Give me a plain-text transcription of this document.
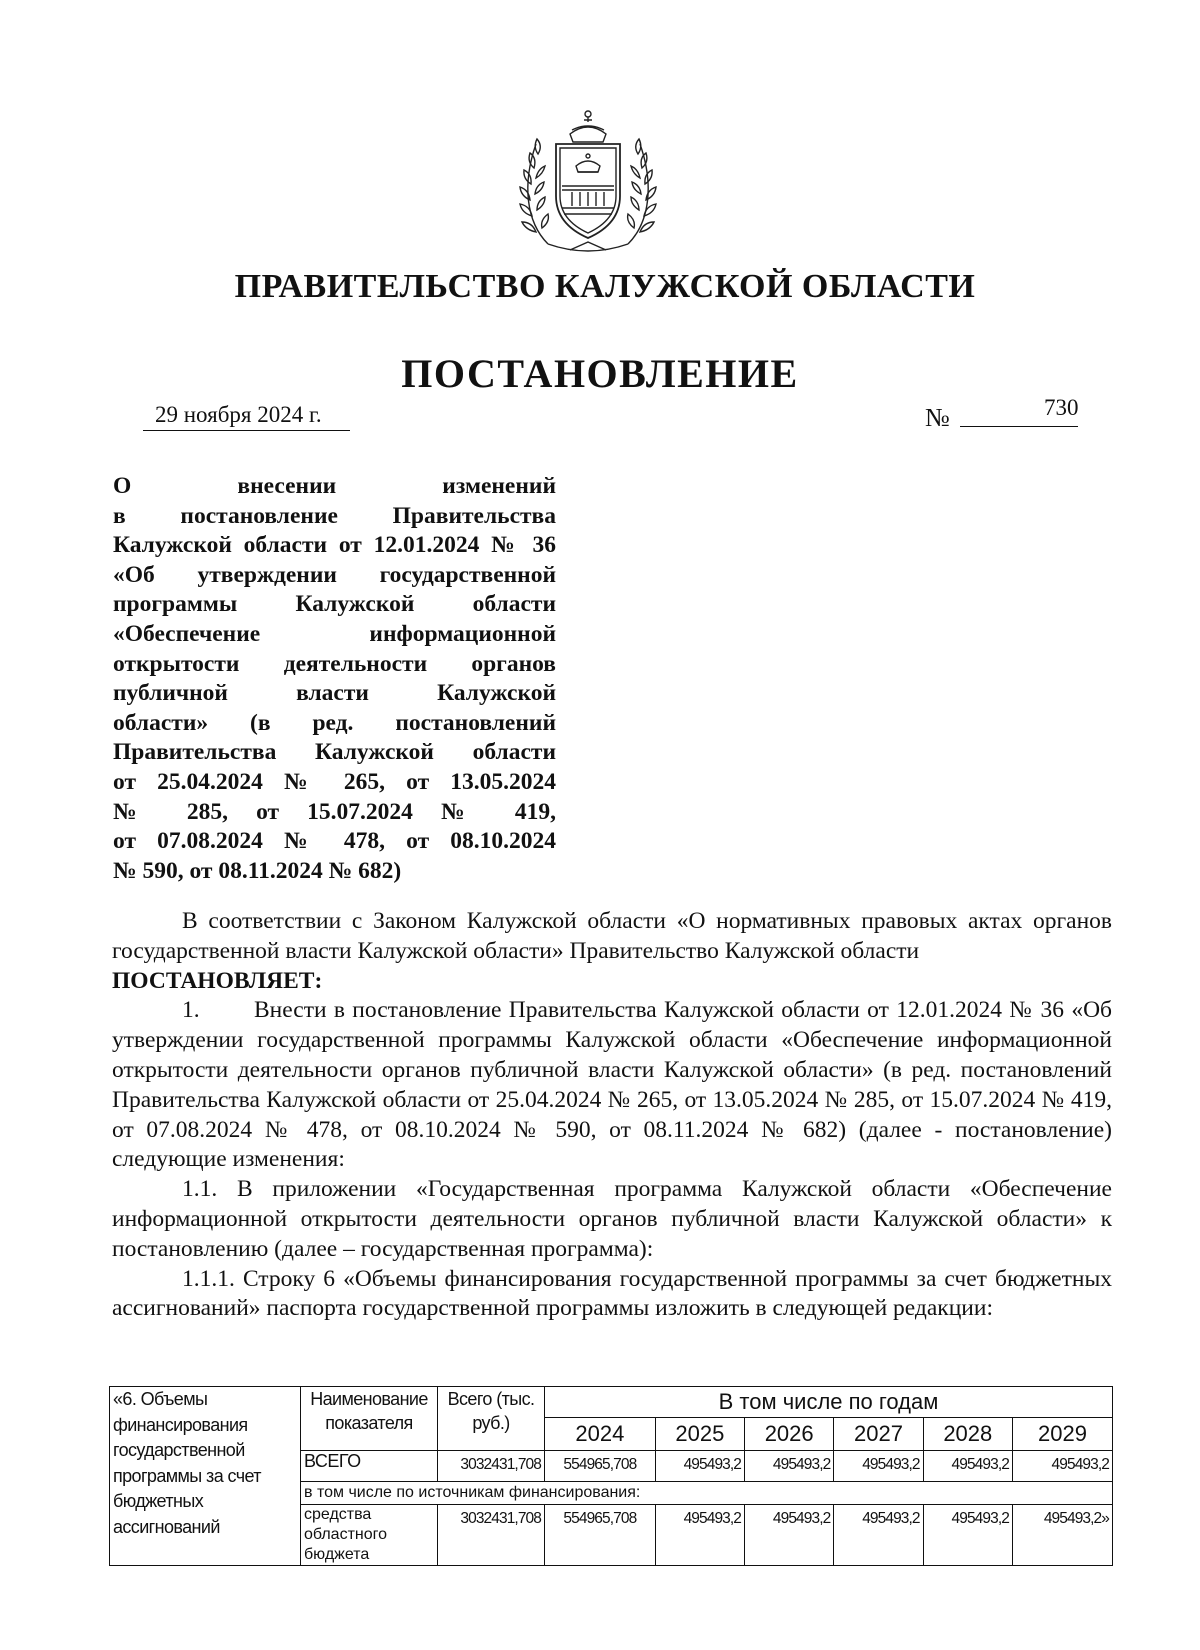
ПРАВИТЕЛЬСТВО КАЛУЖСКОЙ ОБЛАСТИ
ПОСТАНОВЛЕНИЕ
29 ноября 2024 г.	№	730
О внесении изменений
в постановление Правительства
Калужской области от 12.01.2024 № 36
«Об утверждении государственной
программы Калужской области
«Обеспечение информационной
открытости деятельности органов
публичной власти Калужской
области» (в ред. постановлений
Правительства Калужской области
от 25.04.2024 № 265, от 13.05.2024
№ 285, от 15.07.2024 № 419,
от 07.08.2024 № 478, от 08.10.2024
№ 590, от 08.11.2024 № 682)

В соответствии с Законом Калужской области «О нормативных правовых актах органов государственной власти Калужской области» Правительство Калужской области

ПОСТАНОВЛЯЕТ:

1. Внести в постановление Правительства Калужской области от 12.01.2024 № 36 «Об утверждении государственной программы Калужской области «Обеспечение информационной открытости деятельности органов публичной власти Калужской области» (в ред. постановлений Правительства Калужской области от 25.04.2024 № 265, от 13.05.2024 № 285, от 15.07.2024 № 419, от 07.08.2024 № 478, от 08.10.2024 № 590, от 08.11.2024 № 682) (далее - постановление) следующие изменения:

1.1. В приложении «Государственная программа Калужской области «Обеспечение информационной открытости деятельности органов публичной власти Калужской области» к постановлению (далее – государственная программа):

1.1.1. Строку 6 «Объемы финансирования государственной программы за счет бюджетных ассигнований» паспорта государственной программы изложить в следующей редакции:

«6. Объемы финансирования государственной программы за счет бюджетных ассигнований	Наименование показателя	Всего (тыс. руб.)	В том числе по годам					
			2024	2025	2026	2027	2028	2029
	ВСЕГО	3032431,708	554965,708	495493,2	495493,2	495493,2	495493,2	495493,2
	в том числе по источникам финансирования:							
	средства областного бюджета	3032431,708	554965,708	495493,2	495493,2	495493,2	495493,2	495493,2»
